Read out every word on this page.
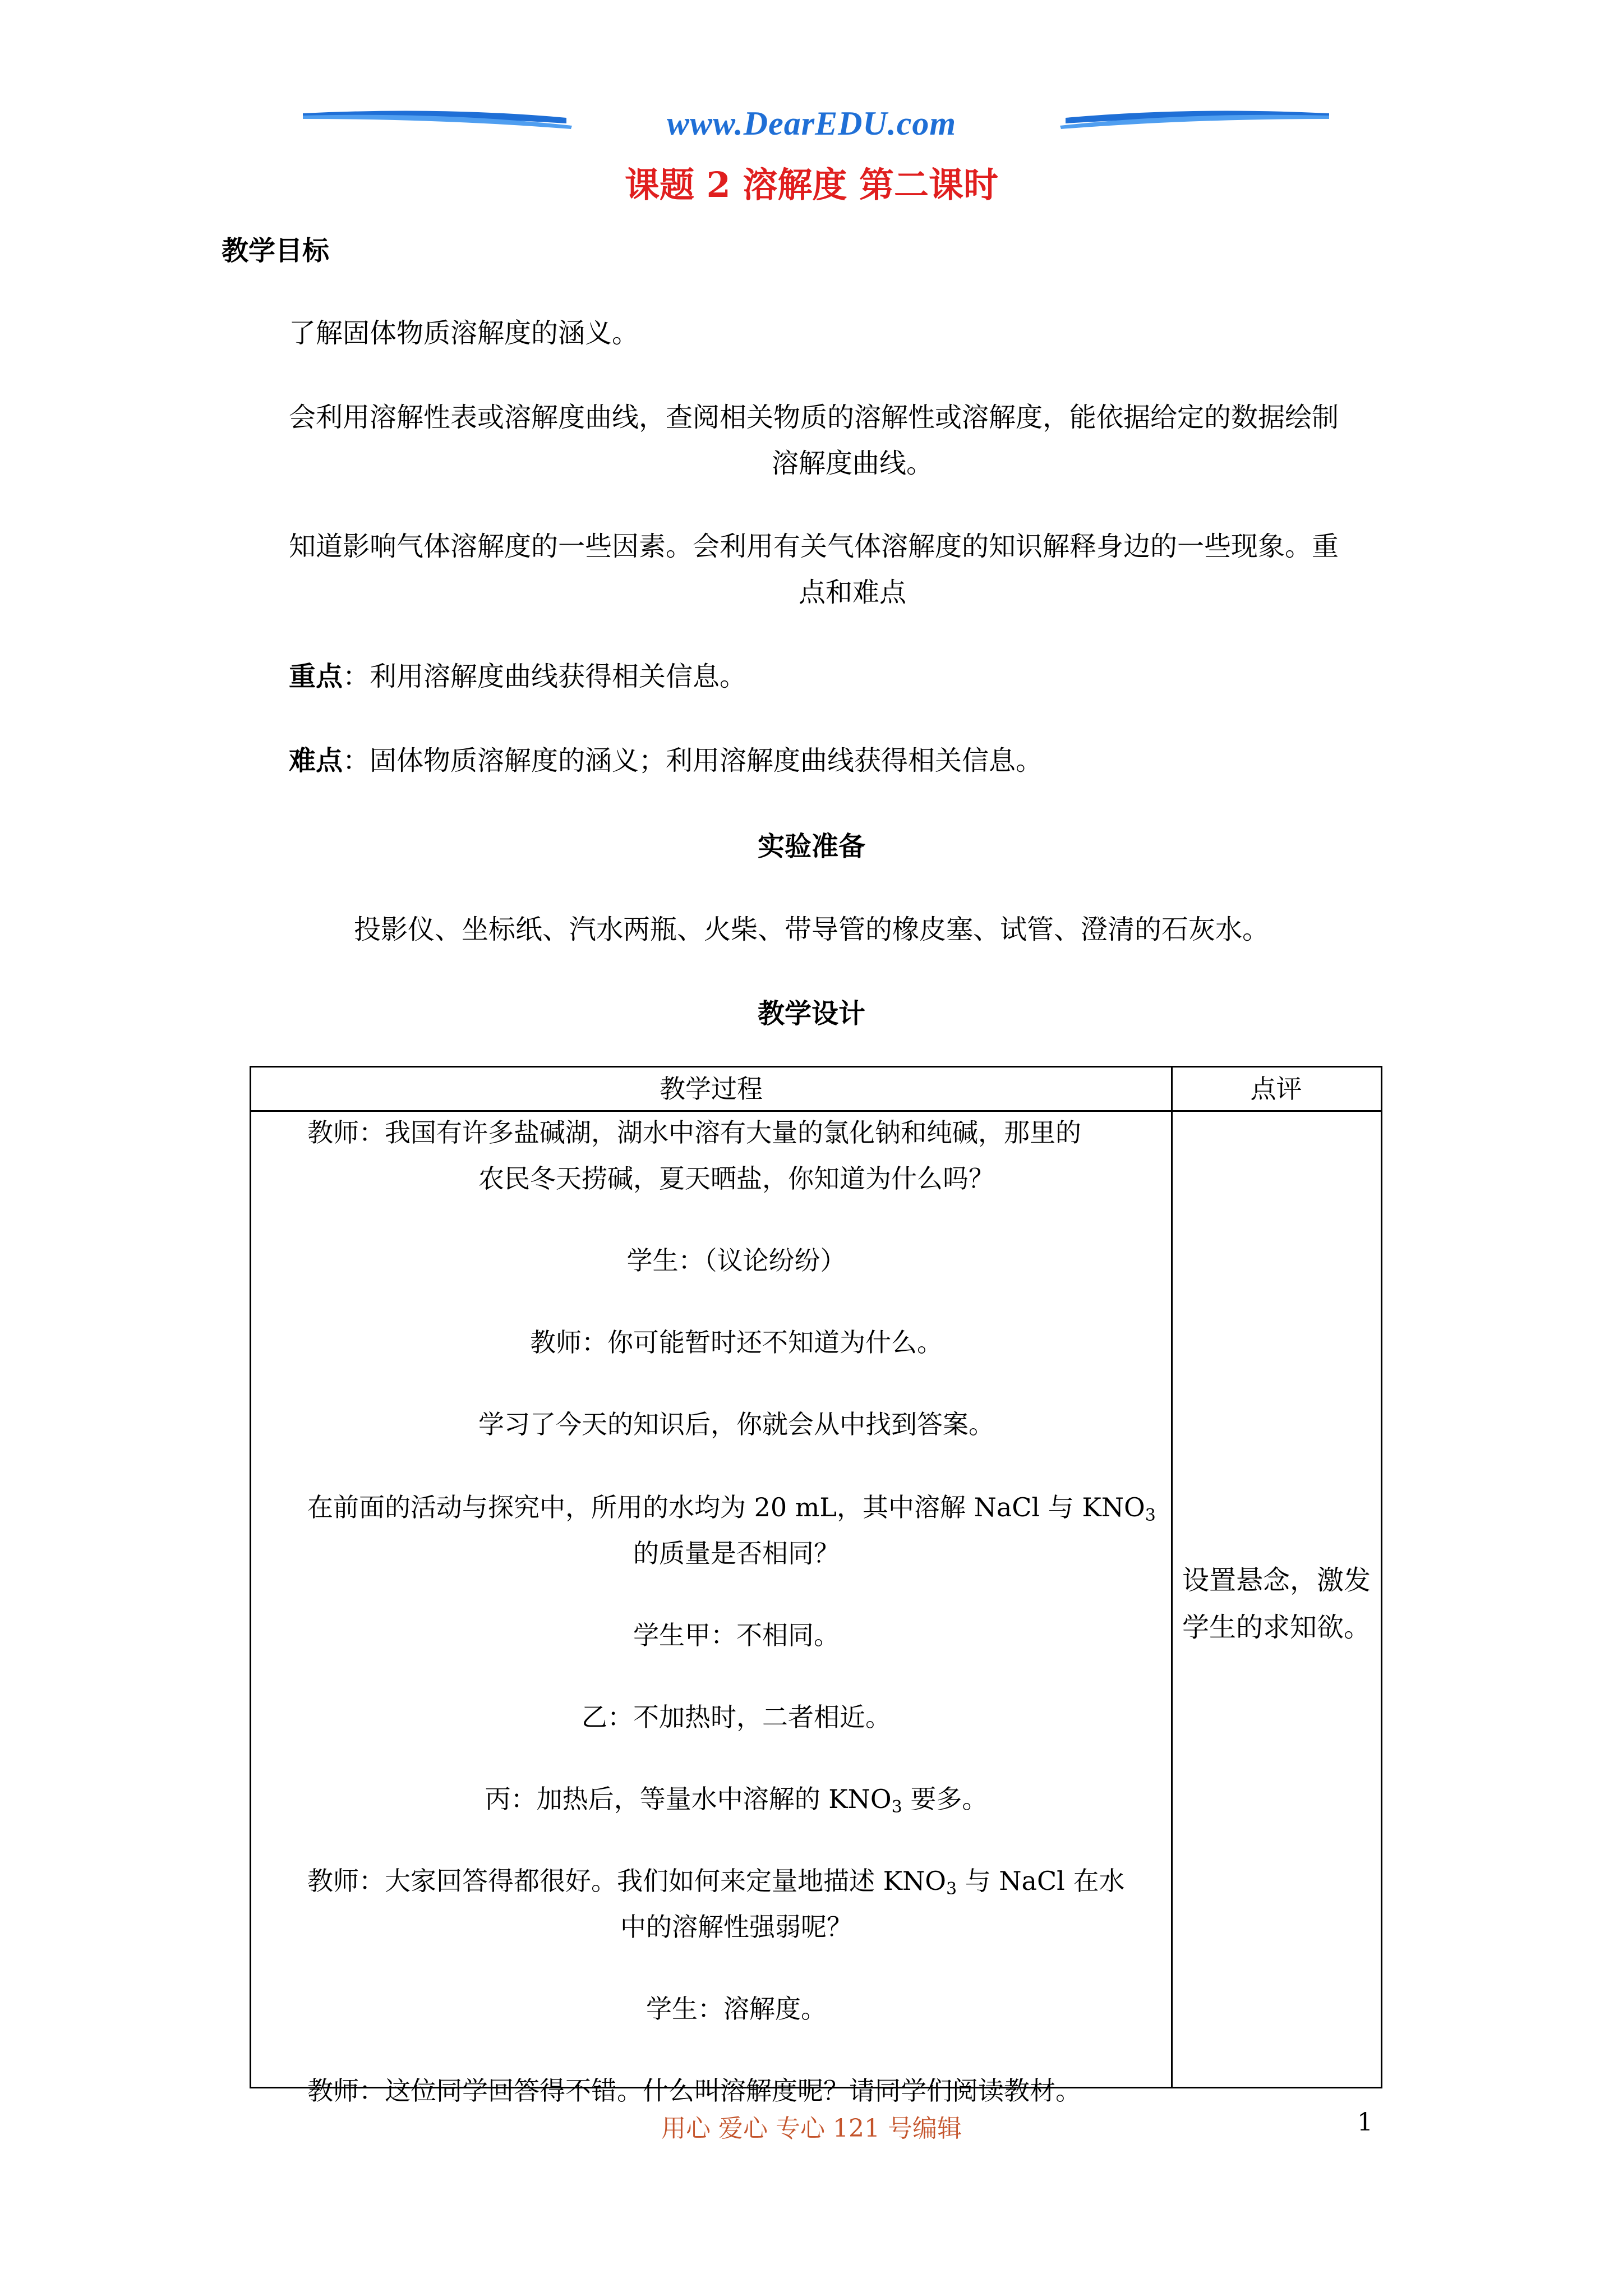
www.DearEDU.com
课题 2 溶解度 第二课时
教学目标
了解固体物质溶解度的涵义。
会利用溶解性表或溶解度曲线，查阅相关物质的溶解性或溶解度，能依据给定的数据绘制
溶解度曲线。
知道影响气体溶解度的一些因素。会利用有关气体溶解度的知识解释身边的一些现象。重
点和难点
重点：利用溶解度曲线获得相关信息。
难点：固体物质溶解度的涵义；利用溶解度曲线获得相关信息。
实验准备
投影仪、坐标纸、汽水两瓶、火柴、带导管的橡皮塞、试管、澄清的石灰水。
教学设计
教学过程	点评
教师：我国有许多盐碱湖，湖水中溶有大量的氯化钠和纯碱，那里的
农民冬天捞碱，夏天晒盐，你知道为什么吗？
学生：（议论纷纷）
教师：你可能暂时还不知道为什么。
学习了今天的知识后，你就会从中找到答案。
在前面的活动与探究中，所用的水均为 20 mL，其中溶解 NaCl 与 $KNO_3$
的质量是否相同？
学生甲：不相同。
乙：不加热时，二者相近。
丙：加热后，等量水中溶解的 $KNO_3$ 要多。
教师：大家回答得都很好。我们如何来定量地描述 $KNO_3$ 与 NaCl 在水
中的溶解性强弱呢？
学生：溶解度。
教师：这位同学回答得不错。什么叫溶解度呢？请同学们阅读教材。
设置悬念，激发学生的求知欲。
用心 爱心 专心 121 号编辑	1
